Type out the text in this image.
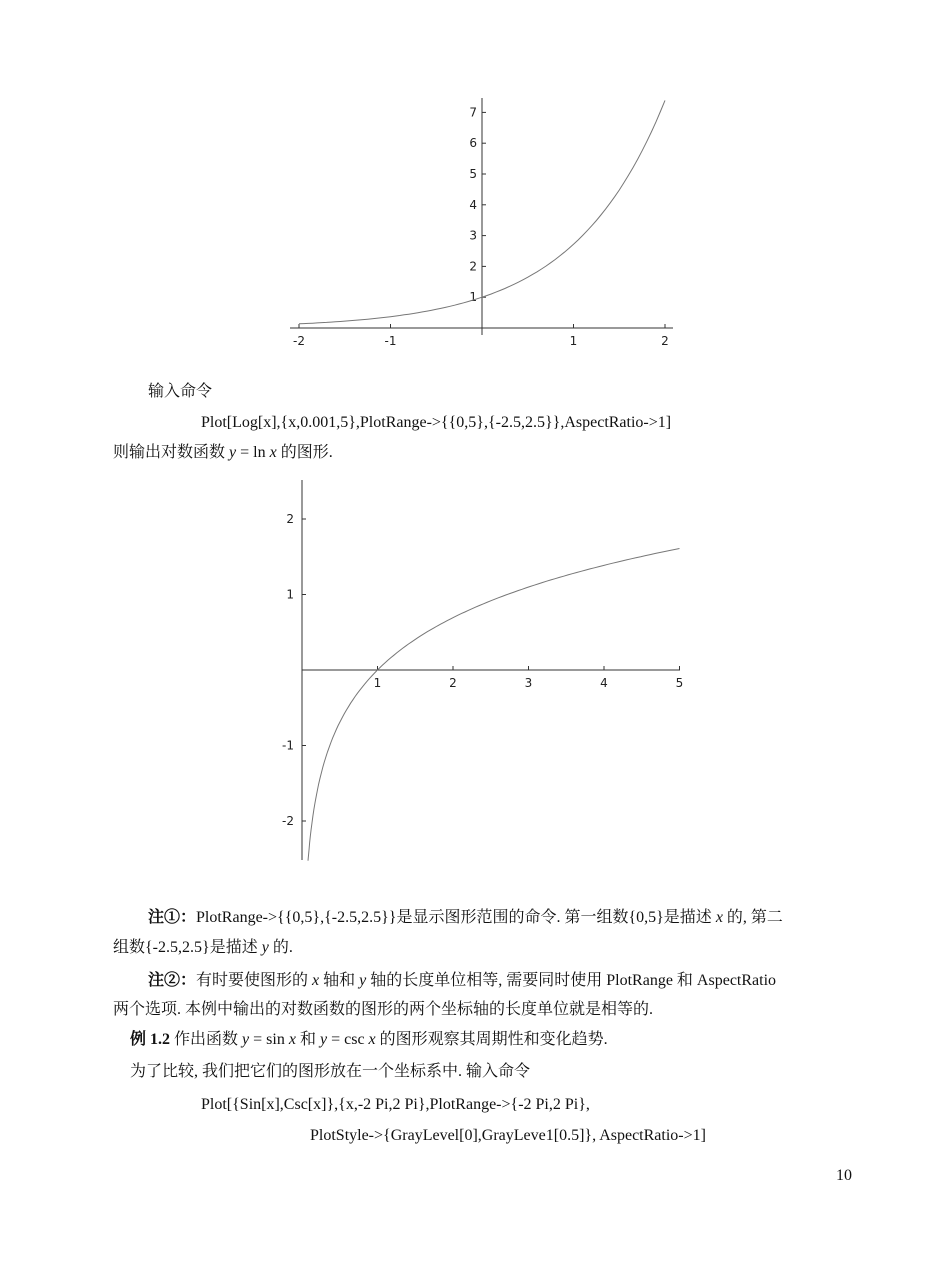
-2	-1	1	2
1
2
3
4
5
6
7
输入命令
Plot[Log[x],{x,0.001,5},PlotRange->{{0,5},{-2.5,2.5}},AspectRatio->1]
则输出对数函数 y = ln x 的图形.
1	2	3	4	5
2
1
-1
-2
注①：PlotRange->{{0,5},{-2.5,2.5}}是显示图形范围的命令. 第一组数{0,5}是描述 x 的, 第二
组数{-2.5,2.5}是描述 y 的.
注②：有时要使图形的 x 轴和 y 轴的长度单位相等, 需要同时使用 PlotRange 和 AspectRatio
两个选项. 本例中输出的对数函数的图形的两个坐标轴的长度单位就是相等的.
例 1.2 作出函数 y = sin x 和 y = csc x 的图形观察其周期性和变化趋势.
为了比较, 我们把它们的图形放在一个坐标系中. 输入命令
Plot[{Sin[x],Csc[x]},{x,-2 Pi,2 Pi},PlotRange->{-2 Pi,2 Pi},
PlotStyle->{GrayLevel[0],GrayLeve1[0.5]}, AspectRatio->1]
10
